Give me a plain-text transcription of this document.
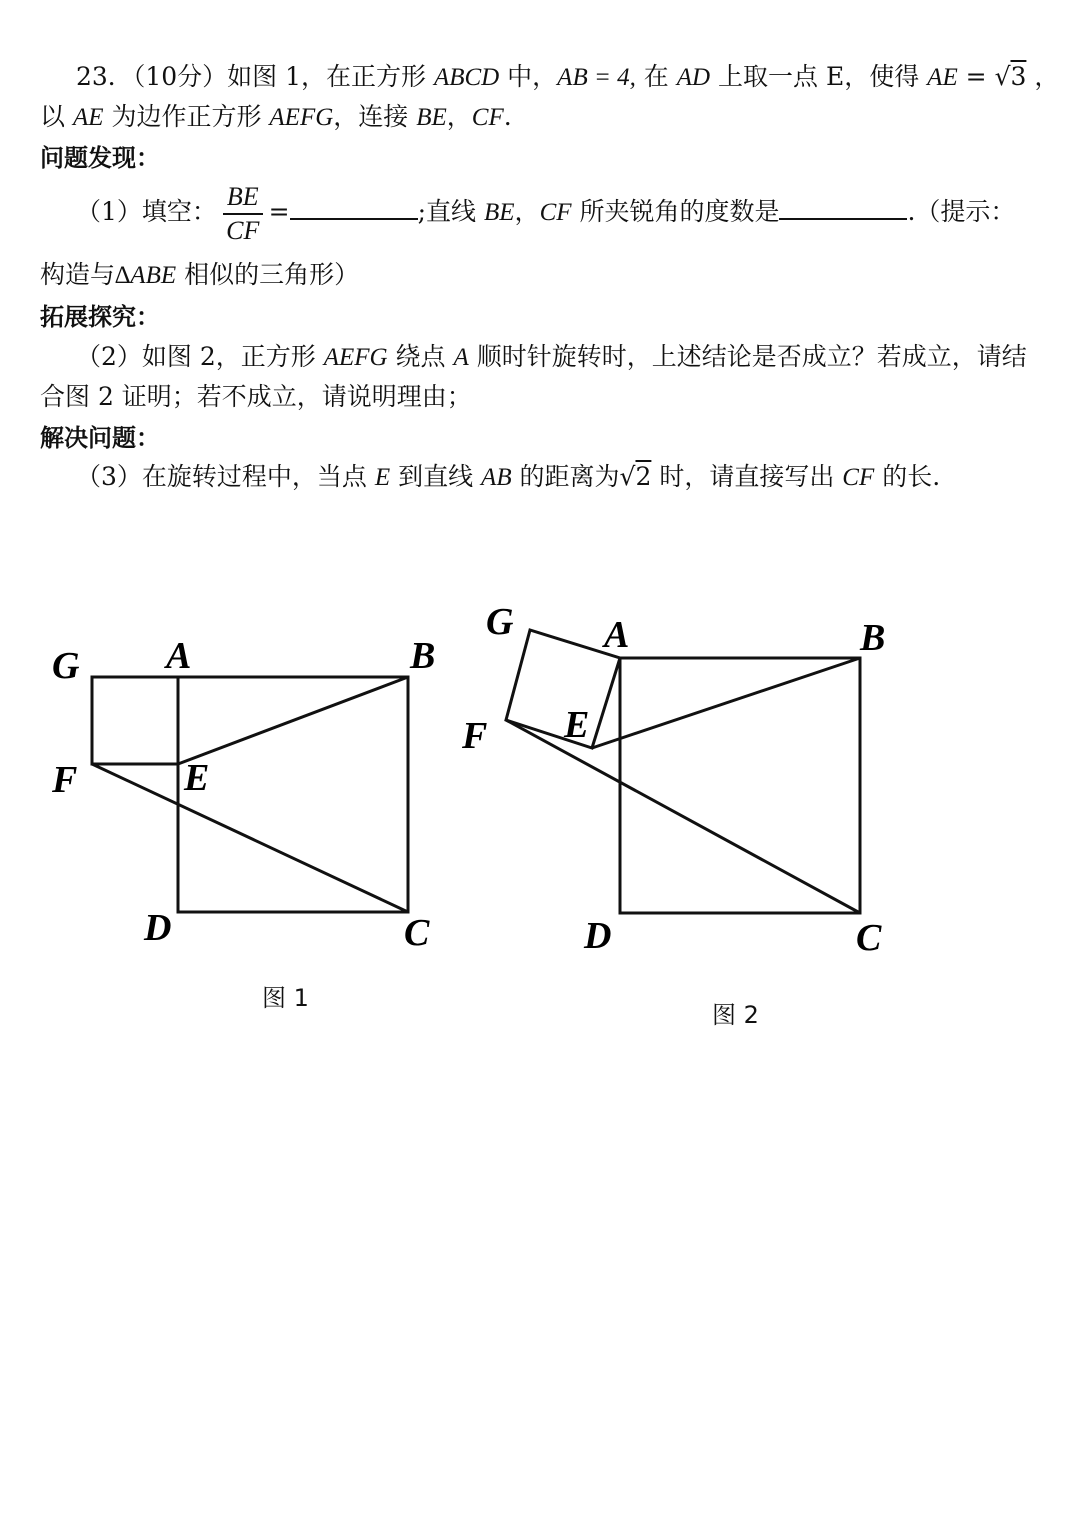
23．（10分）如图 1，在正方形 ABCD 中，AB = 4, 在 AD 上取一点 E，使得 AE = √3 ，
以 AE 为边作正方形 AEFG，连接 BE，CF.
问题发现：
（1）填空： $\frac{BE}{CF}$ =	;直线 BE，CF 所夹锐角的度数是	.（提示：
构造与∆ABE 相似的三角形）
拓展探究：
（2）如图 2，正方形 AEFG 绕点 A 顺时针旋转时，上述结论是否成立？若成立，请结
合图 2 证明；若不成立，请说明理由；
解决问题：
（3）在旋转过程中，当点 E 到直线 AB 的距离为√2 时，请直接写出 CF 的长.
G A	B
F	E
D	C
图 1
G A	B
F E
D	C
图 2
